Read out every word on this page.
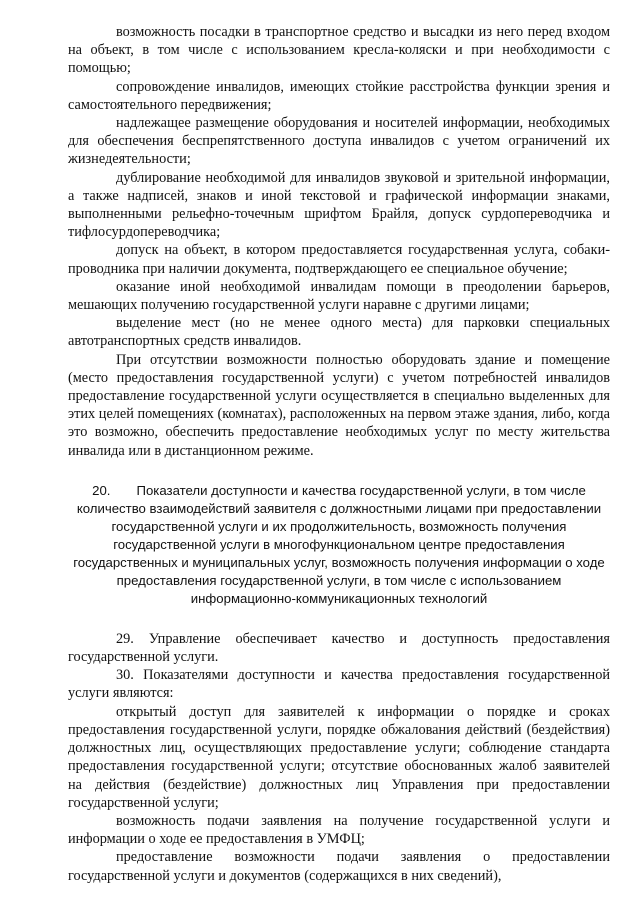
возможность посадки в транспортное средство и высадки из него перед входом на объект, в том числе с использованием кресла-коляски и при необходимости с помощью;

сопровождение инвалидов, имеющих стойкие расстройства функции зрения и самостоятельного передвижения;

надлежащее размещение оборудования и носителей информации, необходимых для обеспечения беспрепятственного доступа инвалидов с учетом ограничений их жизнедеятельности;

дублирование необходимой для инвалидов звуковой и зрительной информации, а также надписей, знаков и иной текстовой и графической информации знаками, выполненными рельефно-точечным шрифтом Брайля, допуск сурдопереводчика и тифлосурдопереводчика;

допуск на объект, в котором предоставляется государственная услуга, собаки-проводника при наличии документа, подтверждающего ее специальное обучение;

оказание иной необходимой инвалидам помощи в преодолении барьеров, мешающих получению государственной услуги наравне с другими лицами;

выделение мест (но не менее одного места) для парковки специальных автотранспортных средств инвалидов.

При отсутствии возможности полностью оборудовать здание и помещение (место предоставления государственной услуги) с учетом потребностей инвалидов предоставление государственной услуги осуществляется в специально выделенных для этих целей помещениях (комнатах), расположенных на первом этаже здания, либо, когда это возможно, обеспечить предоставление необходимых услуг по месту жительства инвалида или в дистанционном режиме.

20. Показатели доступности и качества государственной услуги, в том числе количество взаимодействий заявителя с должностными лицами при предоставлении государственной услуги и их продолжительность, возможность получения государственной услуги в многофункциональном центре предоставления государственных и муниципальных услуг, возможность получения информации о ходе предоставления государственной услуги, в том числе с использованием информационно-коммуникационных технологий

29. Управление обеспечивает качество и доступность предоставления государственной услуги.

30. Показателями доступности и качества предоставления государственной услуги являются:

открытый доступ для заявителей к информации о порядке и сроках предоставления государственной услуги, порядке обжалования действий (бездействия) должностных лиц, осуществляющих предоставление услуги; соблюдение стандарта предоставления государственной услуги; отсутствие обоснованных жалоб заявителей на действия (бездействие) должностных лиц Управления при предоставлении государственной услуги;

возможность подачи заявления на получение государственной услуги и информации о ходе ее предоставления в УМФЦ;

предоставление возможности подачи заявления о предоставлении государственной услуги и документов (содержащихся в них сведений),
